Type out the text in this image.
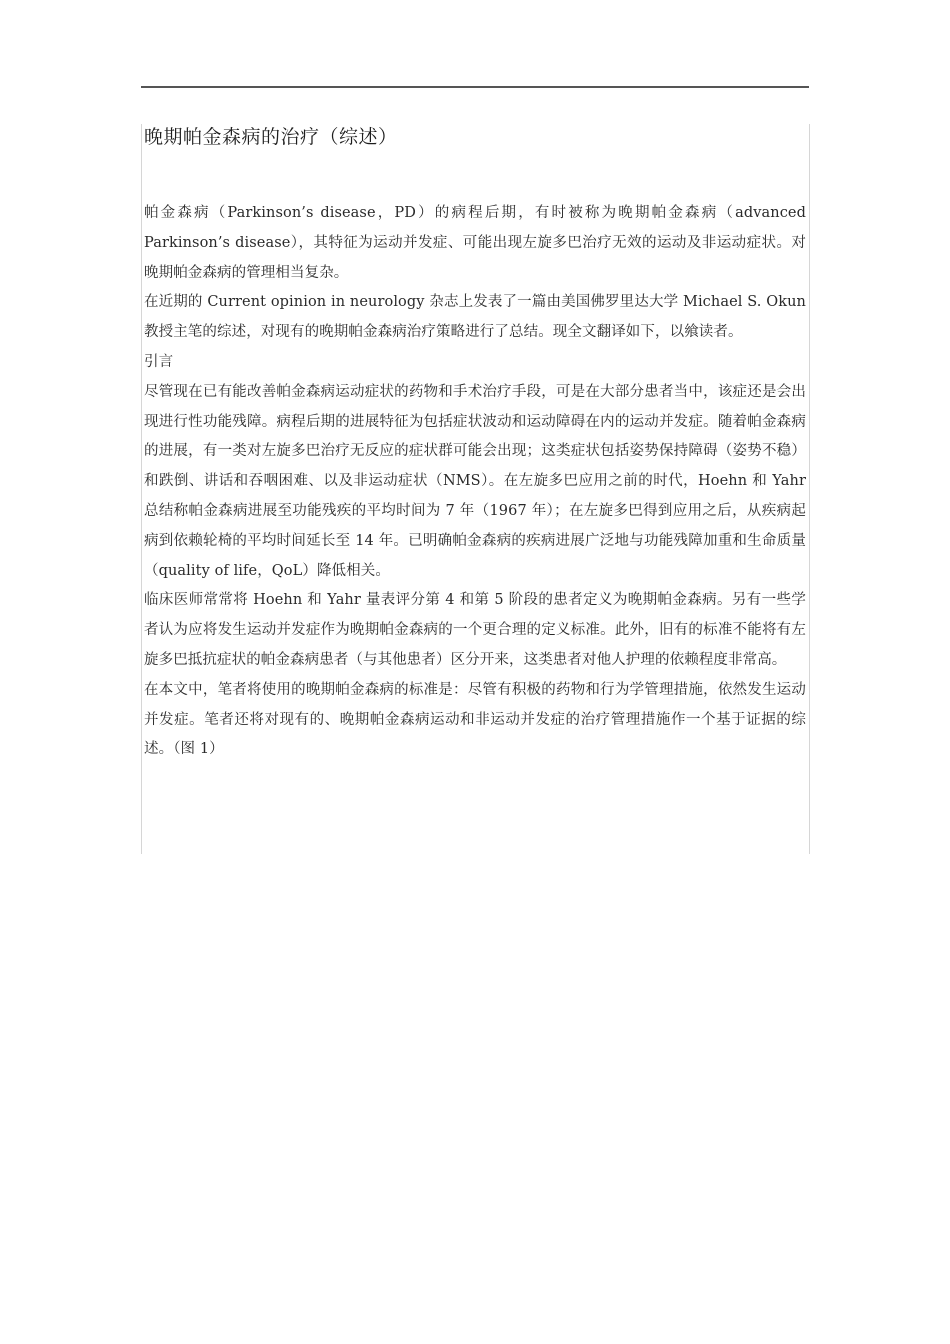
晚期帕金森病的治疗（综述）

帕金森病（Parkinson’s disease，PD）的病程后期，有时被称为晚期帕金森病（advanced Parkinson’s disease），其特征为运动并发症、可能出现左旋多巴治疗无效的运动及非运动症状。对晚期帕金森病的管理相当复杂。

在近期的 Current opinion in neurology 杂志上发表了一篇由美国佛罗里达大学 Michael S. Okun 教授主笔的综述，对现有的晚期帕金森病治疗策略进行了总结。现全文翻译如下，以飨读者。

引言

尽管现在已有能改善帕金森病运动症状的药物和手术治疗手段，可是在大部分患者当中，该症还是会出现进行性功能残障。病程后期的进展特征为包括症状波动和运动障碍在内的运动并发症。随着帕金森病的进展，有一类对左旋多巴治疗无反应的症状群可能会出现；这类症状包括姿势保持障碍（姿势不稳）和跌倒、讲话和吞咽困难、以及非运动症状（NMS）。在左旋多巴应用之前的时代，Hoehn 和 Yahr 总结称帕金森病进展至功能残疾的平均时间为 7 年（1967 年）；在左旋多巴得到应用之后，从疾病起病到依赖轮椅的平均时间延长至 14 年。已明确帕金森病的疾病进展广泛地与功能残障加重和生命质量（quality of life，QoL）降低相关。

临床医师常常将 Hoehn 和 Yahr 量表评分第 4 和第 5 阶段的患者定义为晚期帕金森病。另有一些学者认为应将发生运动并发症作为晚期帕金森病的一个更合理的定义标准。此外，旧有的标准不能将有左旋多巴抵抗症状的帕金森病患者（与其他患者）区分开来，这类患者对他人护理的依赖程度非常高。

在本文中，笔者将使用的晚期帕金森病的标准是：尽管有积极的药物和行为学管理措施，依然发生运动并发症。笔者还将对现有的、晚期帕金森病运动和非运动并发症的治疗管理措施作一个基于证据的综述。（图 1）
